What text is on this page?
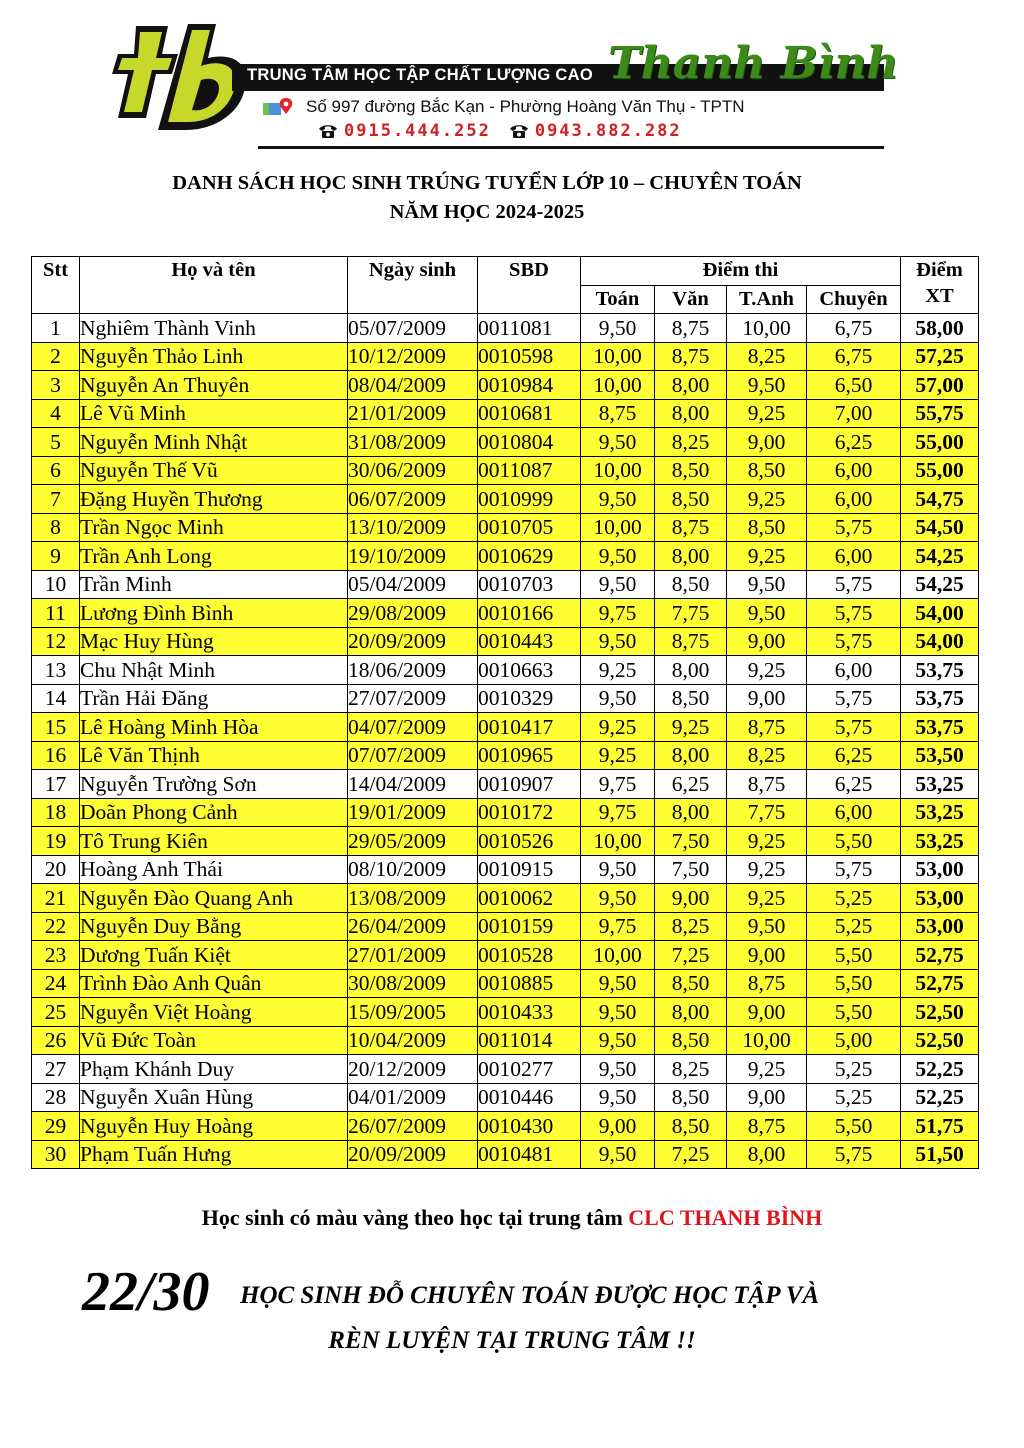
TRUNG TÂM HỌC TẬP CHẤT LƯỢNG CAO Thanh Bình
Số 997 đường Bắc Kạn - Phường Hoàng Văn Thụ - TPTN
0915.444.252	0943.882.282
DANH SÁCH HỌC SINH TRÚNG TUYỂN LỚP 10 – CHUYÊN TOÁN
NĂM HỌC 2024-2025
Stt	Họ và tên	Ngày sinh	SBD	Điểm thi				Điểm XT
				Toán	Văn	T.Anh	Chuyên	
1	Nghiêm Thành Vinh	05/07/2009	0011081	9,50	8,75	10,00	6,75	58,00
2	Nguyễn Thảo Linh	10/12/2009	0010598	10,00	8,75	8,25	6,75	57,25
3	Nguyễn An Thuyên	08/04/2009	0010984	10,00	8,00	9,50	6,50	57,00
4	Lê Vũ Minh	21/01/2009	0010681	8,75	8,00	9,25	7,00	55,75
5	Nguyễn Minh Nhật	31/08/2009	0010804	9,50	8,25	9,00	6,25	55,00
6	Nguyễn Thế Vũ	30/06/2009	0011087	10,00	8,50	8,50	6,00	55,00
7	Đặng Huyền Thương	06/07/2009	0010999	9,50	8,50	9,25	6,00	54,75
8	Trần Ngọc Minh	13/10/2009	0010705	10,00	8,75	8,50	5,75	54,50
9	Trần Anh Long	19/10/2009	0010629	9,50	8,00	9,25	6,00	54,25
10	Trần Minh	05/04/2009	0010703	9,50	8,50	9,50	5,75	54,25
11	Lương Đình Bình	29/08/2009	0010166	9,75	7,75	9,50	5,75	54,00
12	Mạc Huy Hùng	20/09/2009	0010443	9,50	8,75	9,00	5,75	54,00
13	Chu Nhật Minh	18/06/2009	0010663	9,25	8,00	9,25	6,00	53,75
14	Trần Hải Đăng	27/07/2009	0010329	9,50	8,50	9,00	5,75	53,75
15	Lê Hoàng Minh Hòa	04/07/2009	0010417	9,25	9,25	8,75	5,75	53,75
16	Lê Văn Thịnh	07/07/2009	0010965	9,25	8,00	8,25	6,25	53,50
17	Nguyễn Trường Sơn	14/04/2009	0010907	9,75	6,25	8,75	6,25	53,25
18	Doãn Phong Cảnh	19/01/2009	0010172	9,75	8,00	7,75	6,00	53,25
19	Tô Trung Kiên	29/05/2009	0010526	10,00	7,50	9,25	5,50	53,25
20	Hoàng Anh Thái	08/10/2009	0010915	9,50	7,50	9,25	5,75	53,00
21	Nguyễn Đào Quang Anh	13/08/2009	0010062	9,50	9,00	9,25	5,25	53,00
22	Nguyễn Duy Bằng	26/04/2009	0010159	9,75	8,25	9,50	5,25	53,00
23	Dương Tuấn Kiệt	27/01/2009	0010528	10,00	7,25	9,00	5,50	52,75
24	Trình Đào Anh Quân	30/08/2009	0010885	9,50	8,50	8,75	5,50	52,75
25	Nguyễn Việt Hoàng	15/09/2005	0010433	9,50	8,00	9,00	5,50	52,50
26	Vũ Đức Toàn	10/04/2009	0011014	9,50	8,50	10,00	5,00	52,50
27	Phạm Khánh Duy	20/12/2009	0010277	9,50	8,25	9,25	5,25	52,25
28	Nguyễn Xuân Hùng	04/01/2009	0010446	9,50	8,50	9,00	5,25	52,25
29	Nguyễn Huy Hoàng	26/07/2009	0010430	9,00	8,50	8,75	5,50	51,75
30	Phạm Tuấn Hưng	20/09/2009	0010481	9,50	7,25	8,00	5,75	51,50
Học sinh có màu vàng theo học tại trung tâm CLC THANH BÌNH
22/30 HỌC SINH ĐỖ CHUYÊN TOÁN ĐƯỢC HỌC TẬP VÀ
RÈN LUYỆN TẠI TRUNG TÂM !!
